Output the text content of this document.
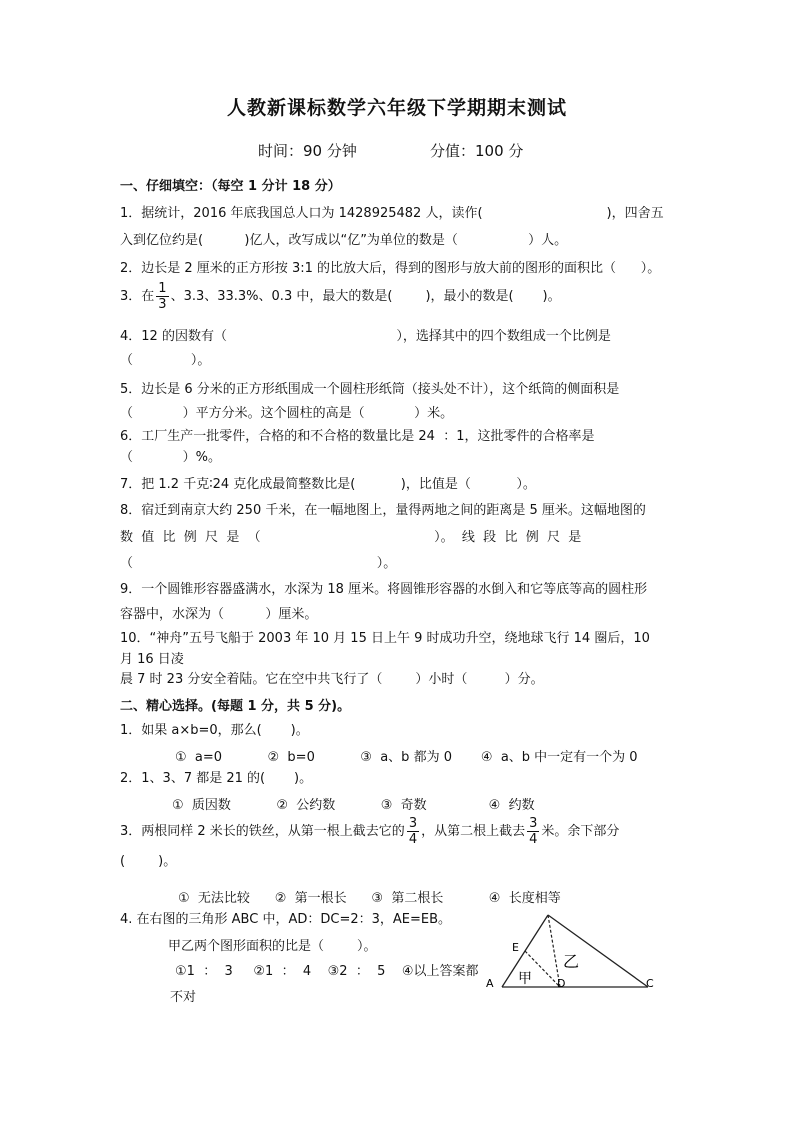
人教新课标数学六年级下学期期末测试
时间：90 分钟	分值：100 分
一、仔细填空：（每空 1 分计 18 分）
1．据统计，2016 年底我国总人口为 1428925482 人，读作(                              )，四舍五
入到亿位约是(          )亿人，改写成以“亿”为单位的数是（                 ）人。
2．边长是 2 厘米的正方形按 3:1 的比放大后，得到的图形与放大前的图形的面积比（      ）。
3．在 $\frac{1}{3}$ 、3.3、33.3%、0.3 中，最大的数是(        )，最小的数是(       )。
4．12 的因数有（                                         ），选择其中的四个数组成一个比例是
（              ）。
5．边长是 6 分米的正方形纸围成一个圆柱形纸筒（接头处不计），这个纸筒的侧面积是
（            ）平方分米。这个圆柱的高是（            ）米。
6．工厂生产一批零件，合格的和不合格的数量比是 24  ：1，这批零件的合格率是
（            ）%。
7．把 1.2 千克∶24 克化成最简整数比是(           )，比值是（           ）。
8．宿迁到南京大约 250 千米，在一幅地图上，量得两地之间的距离是 5 厘米。这幅地图的
数  值  比  例  尺  是  （                                          ）。  线  段  比  例  尺  是
（                                                           ）。
9．一个圆锥形容器盛满水，水深为 18 厘米。将圆锥形容器的水倒入和它等底等高的圆柱形
容器中，水深为（          ）厘米。
10．“神舟”五号飞船于 2003 年 10 月 15 日上午 9 时成功升空，绕地球飞行 14 圈后，10
月 16 日凌
晨 7 时 23 分安全着陆。它在空中共飞行了（        ）小时（         ）分。
二、精心选择。(每题 1 分，共 5 分)。
1．如果 a×b=0，那么(       )。
①  a=0           ②  b=0           ③  a、b 都为 0       ④  a、b 中一定有一个为 0
2．1、3、7 都是 21 的(       )。
①  质因数           ②  公约数           ③  奇数               ④  约数
3．两根同样 2 米长的铁丝，从第一根上截去它的 $\frac{3}{4}$ ，从第二根上截去 $\frac{3}{4}$ 米。余下部分
(        )。
①  无法比较      ②  第一根长      ③  第二根长           ④  长度相等
4. 在右图的三角形 ABC 中，AD：DC=2：3，AE=EB。
甲乙两个图形面积的比是（        ）。
①1  ：  3     ②1  ：  4    ③2  ：  5    ④以上答案都
不对
A
E
D	C
甲
乙
